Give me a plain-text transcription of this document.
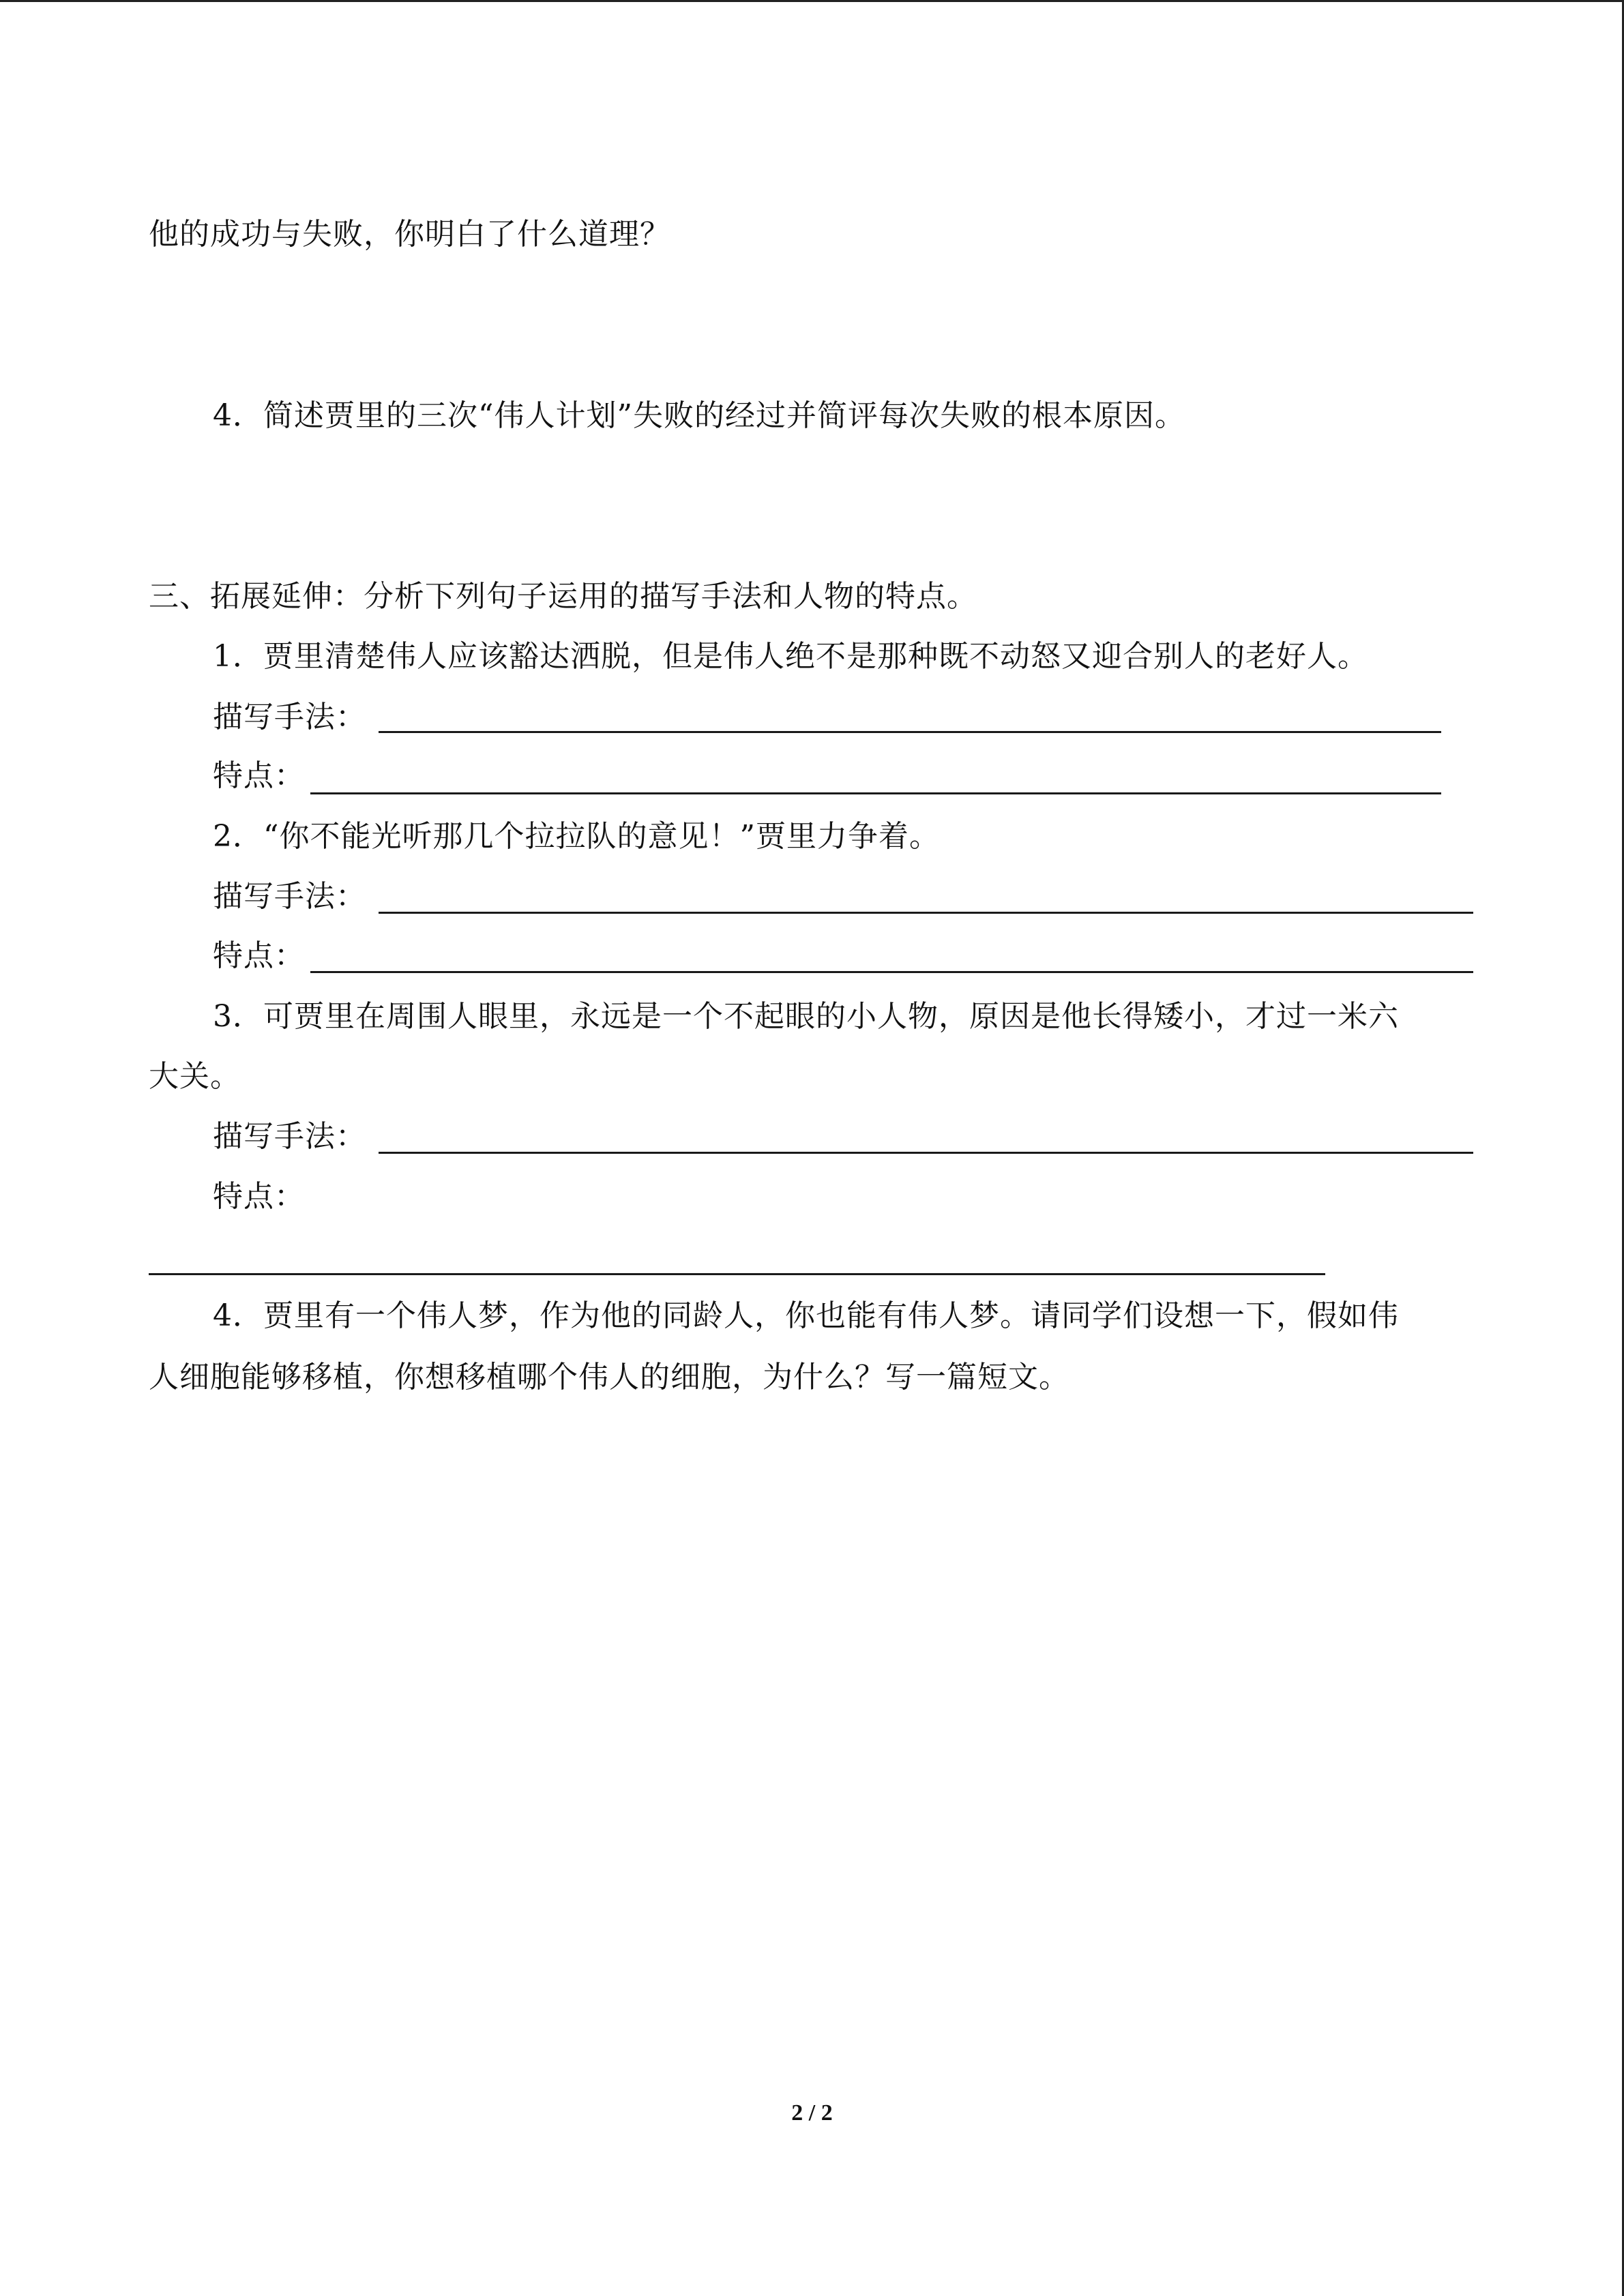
他的成功与失败，你明白了什么道理？
4．简述贾里的三次“伟人计划”失败的经过并简评每次失败的根本原因。
三、拓展延伸：分析下列句子运用的描写手法和人物的特点。
1．贾里清楚伟人应该豁达洒脱，但是伟人绝不是那种既不动怒又迎合别人的老好人。
描写手法：
特点：
2．“你不能光听那几个拉拉队的意见！”贾里力争着。
描写手法：
特点：
3．可贾里在周围人眼里，永远是一个不起眼的小人物，原因是他长得矮小，才过一米六
大关。
描写手法：
特点：
4．贾里有一个伟人梦，作为他的同龄人，你也能有伟人梦。请同学们设想一下，假如伟
人细胞能够移植，你想移植哪个伟人的细胞，为什么？写一篇短文。
2 / 2
